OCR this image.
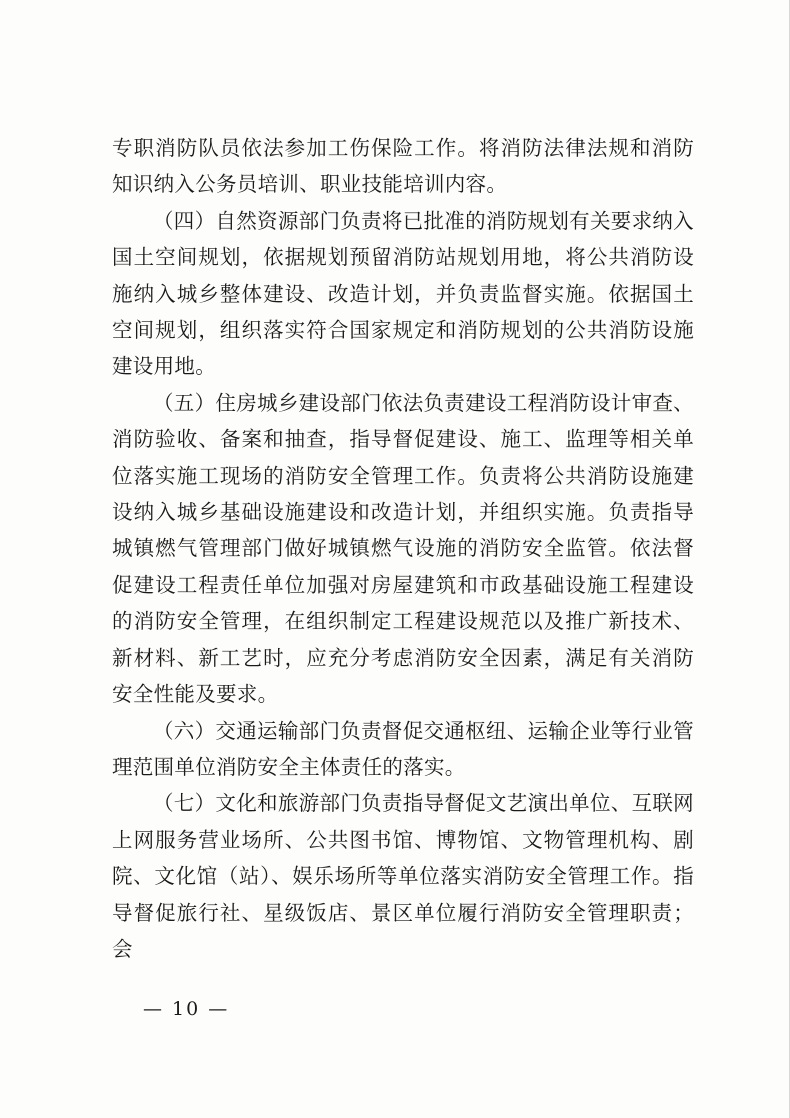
专职消防队员依法参加工伤保险工作。将消防法律法规和消防知识纳入公务员培训、职业技能培训内容。

（四）自然资源部门负责将已批准的消防规划有关要求纳入国土空间规划，依据规划预留消防站规划用地，将公共消防设施纳入城乡整体建设、改造计划，并负责监督实施。依据国土空间规划，组织落实符合国家规定和消防规划的公共消防设施建设用地。

（五）住房城乡建设部门依法负责建设工程消防设计审查、消防验收、备案和抽查，指导督促建设、施工、监理等相关单位落实施工现场的消防安全管理工作。负责将公共消防设施建设纳入城乡基础设施建设和改造计划，并组织实施。负责指导城镇燃气管理部门做好城镇燃气设施的消防安全监管。依法督促建设工程责任单位加强对房屋建筑和市政基础设施工程建设的消防安全管理，在组织制定工程建设规范以及推广新技术、新材料、新工艺时，应充分考虑消防安全因素，满足有关消防安全性能及要求。

（六）交通运输部门负责督促交通枢纽、运输企业等行业管理范围单位消防安全主体责任的落实。

（七）文化和旅游部门负责指导督促文艺演出单位、互联网上网服务营业场所、公共图书馆、博物馆、文物管理机构、剧院、文化馆（站）、娱乐场所等单位落实消防安全管理工作。指导督促旅行社、星级饭店、景区单位履行消防安全管理职责；会

— 10 —
